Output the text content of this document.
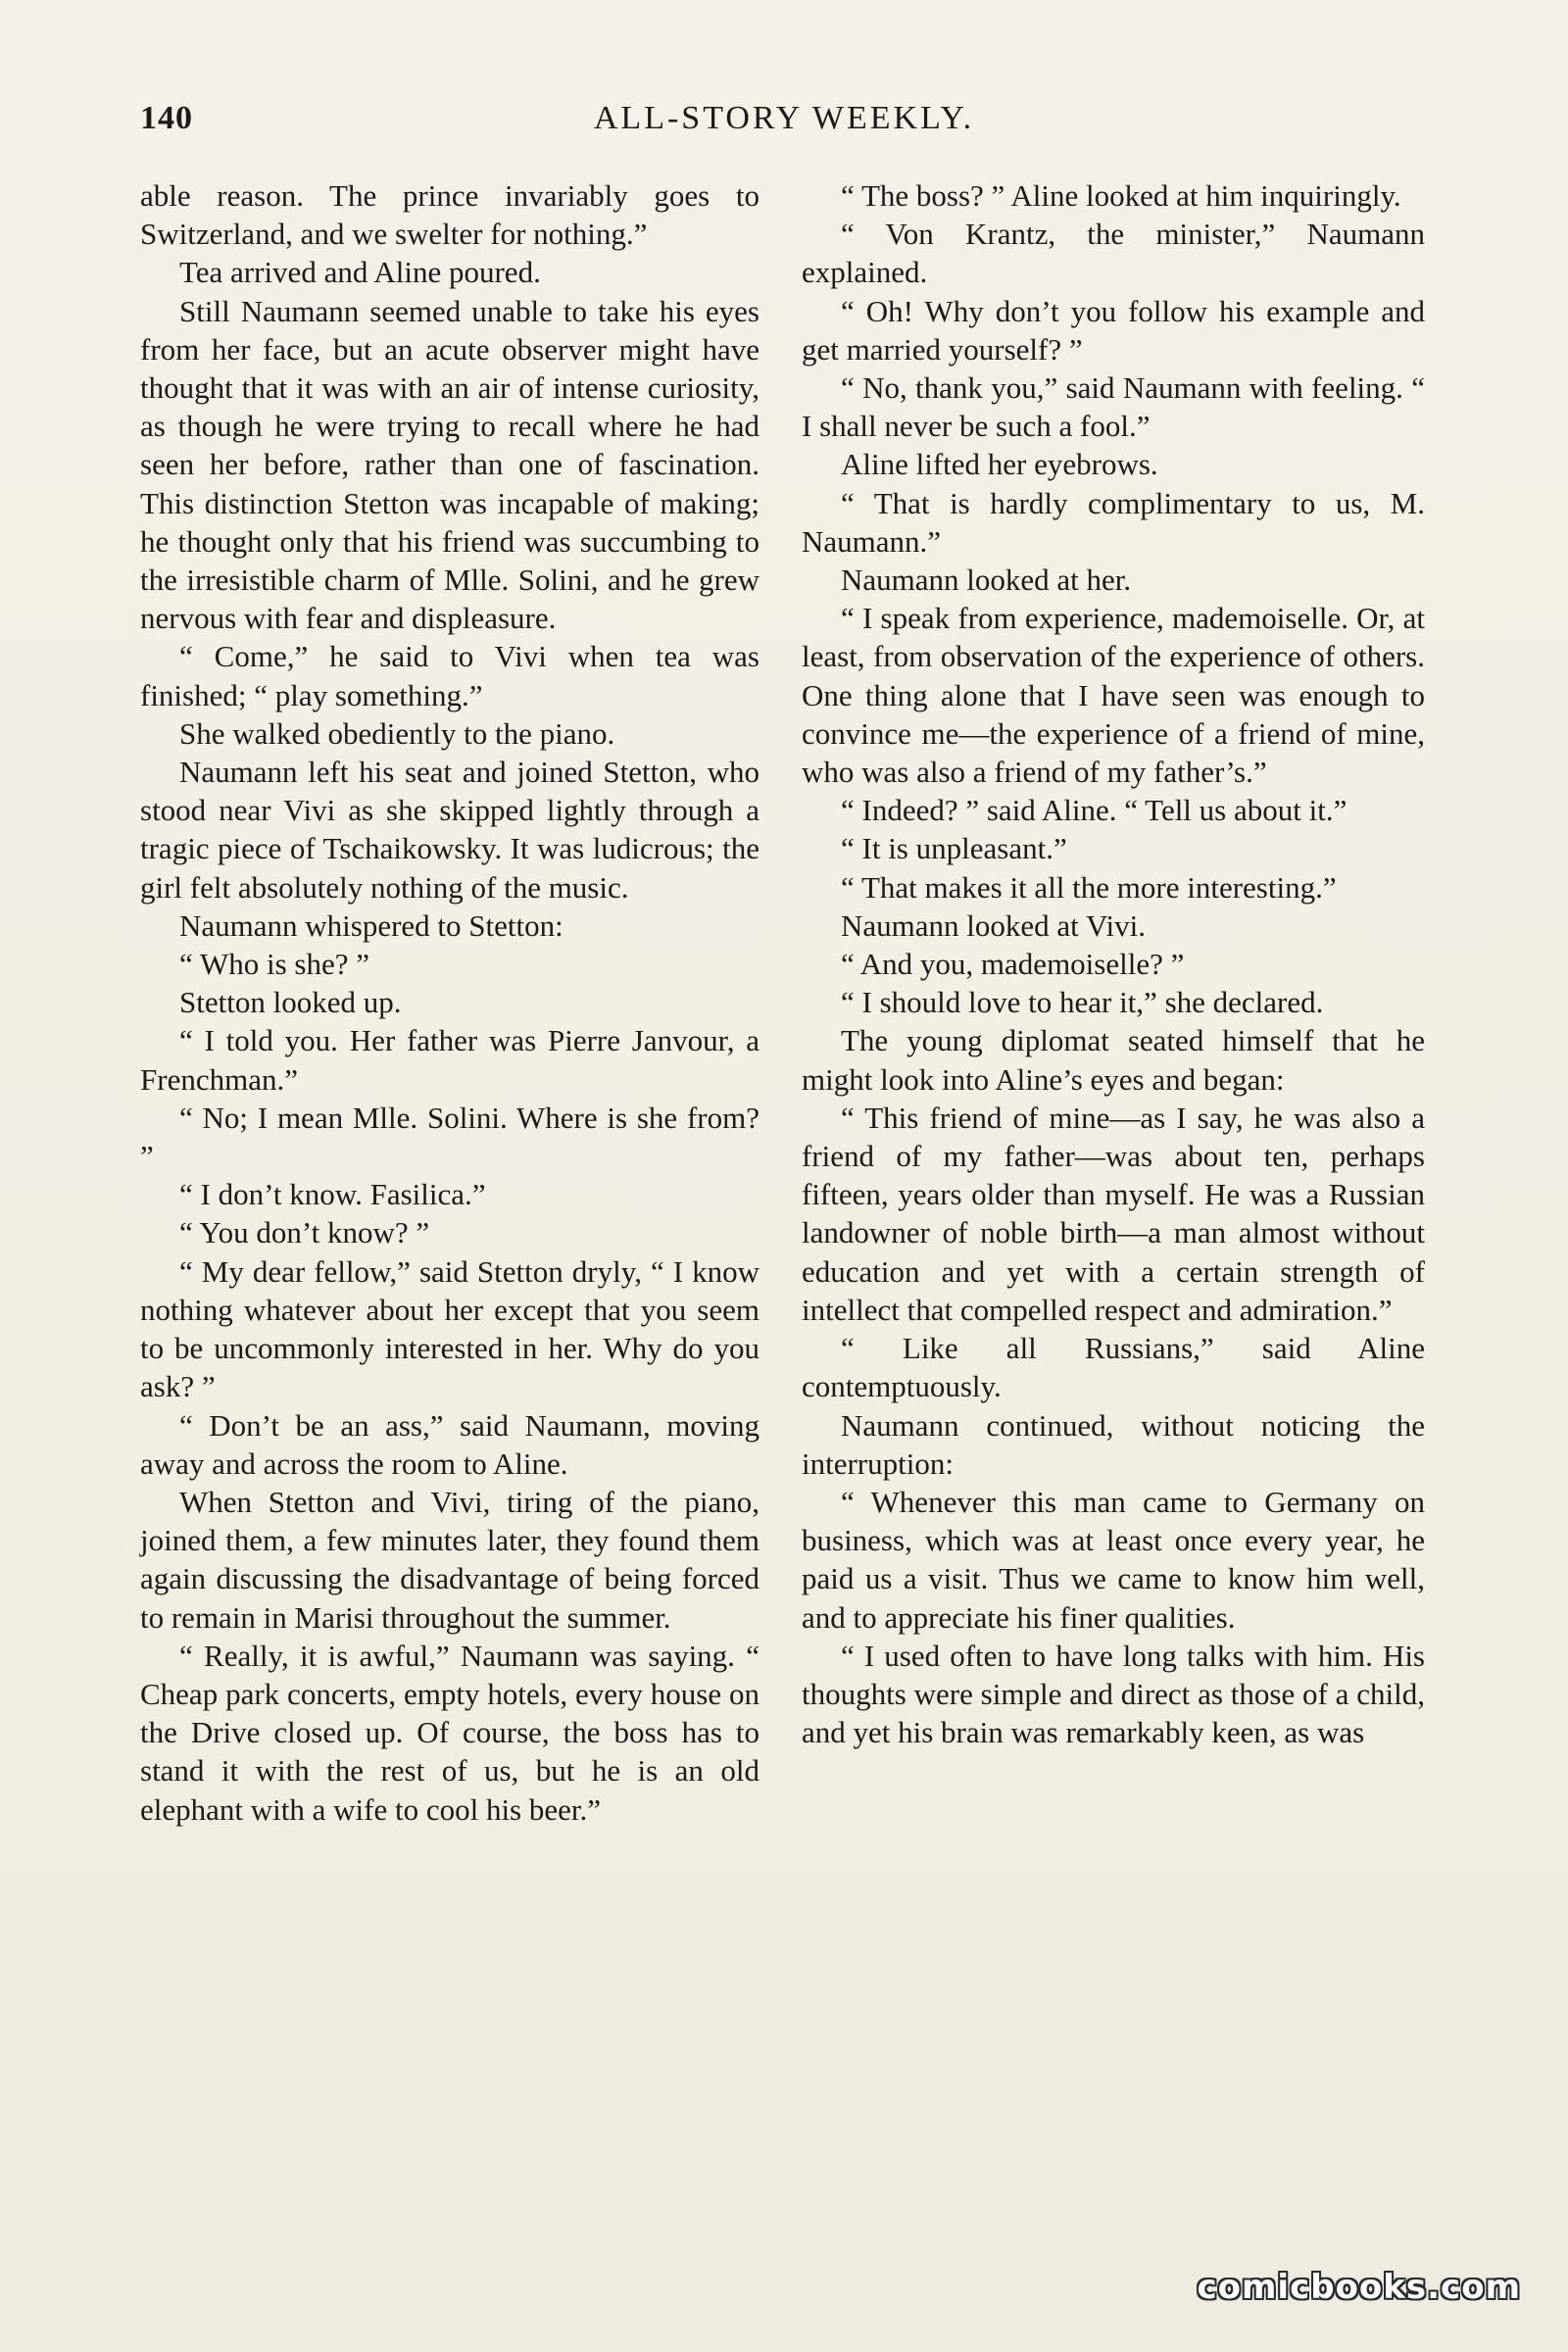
140	ALL-STORY WEEKLY.

able reason. The prince invariably goes to Switzerland, and we swelter for nothing.”

Tea arrived and Aline poured.

Still Naumann seemed unable to take his eyes from her face, but an acute observer might have thought that it was with an air of intense curiosity, as though he were trying to recall where he had seen her before, rather than one of fascination. This distinction Stetton was incapable of making; he thought only that his friend was succumbing to the irresistible charm of Mlle. Solini, and he grew nervous with fear and displeasure.

“ Come,” he said to Vivi when tea was finished; “ play something.”

She walked obediently to the piano.

Naumann left his seat and joined Stetton, who stood near Vivi as she skipped lightly through a tragic piece of Tschaikowsky. It was ludicrous; the girl felt absolutely nothing of the music.

Naumann whispered to Stetton:

“ Who is she? ”

Stetton looked up.

“ I told you. Her father was Pierre Janvour, a Frenchman.”

“ No; I mean Mlle. Solini. Where is she from? ”

“ I don’t know. Fasilica.”

“ You don’t know? ”

“ My dear fellow,” said Stetton dryly, “ I know nothing whatever about her except that you seem to be uncommonly interested in her. Why do you ask? ”

“ Don’t be an ass,” said Naumann, moving away and across the room to Aline.

When Stetton and Vivi, tiring of the piano, joined them, a few minutes later, they found them again discussing the disadvantage of being forced to remain in Marisi throughout the summer.

“ Really, it is awful,” Naumann was saying. “ Cheap park concerts, empty hotels, every house on the Drive closed up. Of course, the boss has to stand it with the rest of us, but he is an old elephant with a wife to cool his beer.”

“ The boss? ” Aline looked at him inquiringly.

“ Von Krantz, the minister,” Naumann explained.

“ Oh! Why don’t you follow his example and get married yourself? ”

“ No, thank you,” said Naumann with feeling. “ I shall never be such a fool.”

Aline lifted her eyebrows.

“ That is hardly complimentary to us, M. Naumann.”

Naumann looked at her.

“ I speak from experience, mademoiselle. Or, at least, from observation of the experience of others. One thing alone that I have seen was enough to convince me—the experience of a friend of mine, who was also a friend of my father’s.”

“ Indeed? ” said Aline. “ Tell us about it.”

“ It is unpleasant.”

“ That makes it all the more interesting.”

Naumann looked at Vivi.

“ And you, mademoiselle? ”

“ I should love to hear it,” she declared.

The young diplomat seated himself that he might look into Aline’s eyes and began:

“ This friend of mine—as I say, he was also a friend of my father—was about ten, perhaps fifteen, years older than myself. He was a Russian landowner of noble birth—a man almost without education and yet with a certain strength of intellect that compelled respect and admiration.”

“ Like all Russians,” said Aline contemptuously.

Naumann continued, without noticing the interruption:

“ Whenever this man came to Germany on business, which was at least once every year, he paid us a visit. Thus we came to know him well, and to appreciate his finer qualities.

“ I used often to have long talks with him. His thoughts were simple and direct as those of a child, and yet his brain was remarkably keen, as was

comicbooks.com
